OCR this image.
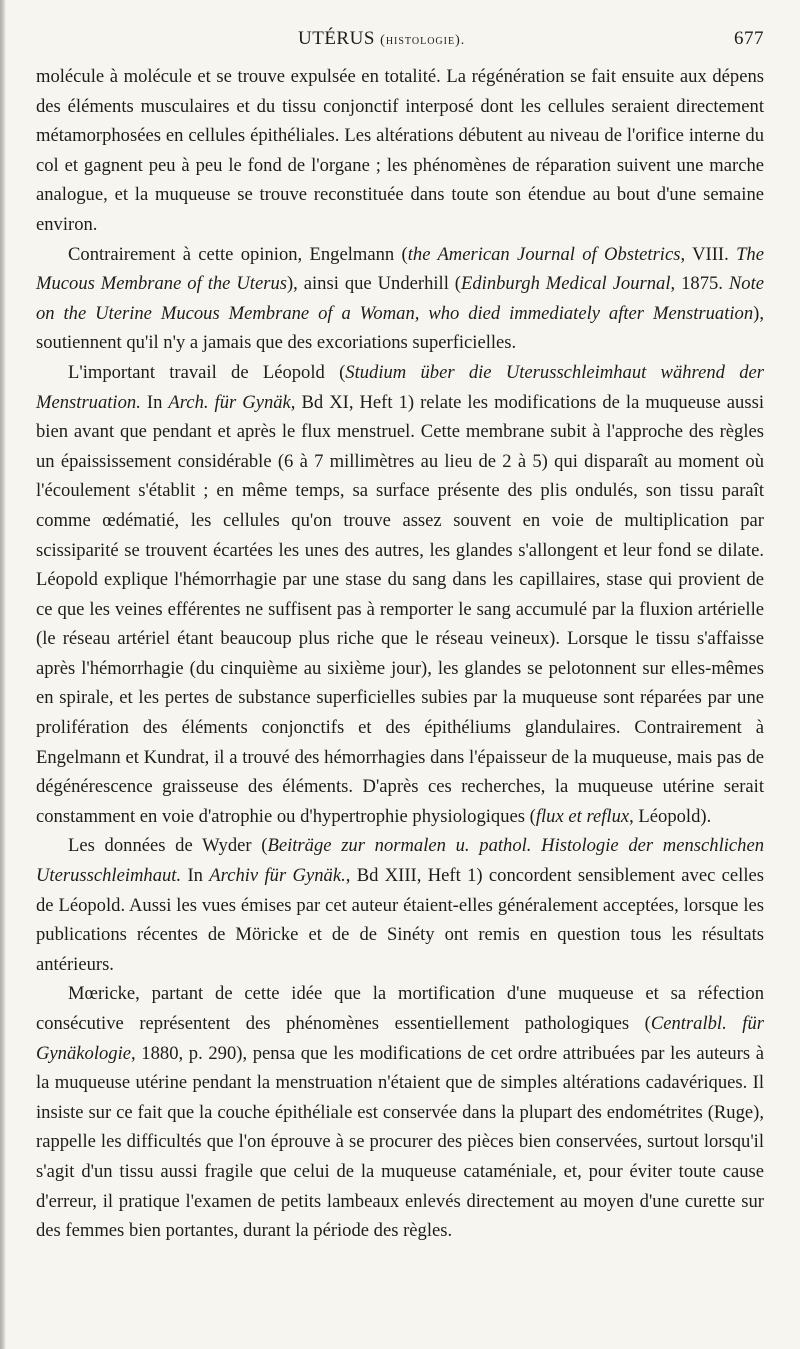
UTÉRUS (histologie).	677

molécule à molécule et se trouve expulsée en totalité. La régénération se fait ensuite aux dépens des éléments musculaires et du tissu conjonctif interposé dont les cellules seraient directement métamorphosées en cellules épithéliales. Les altérations débutent au niveau de l'orifice interne du col et gagnent peu à peu le fond de l'organe ; les phénomènes de réparation suivent une marche analogue, et la muqueuse se trouve reconstituée dans toute son étendue au bout d'une semaine environ.

Contrairement à cette opinion, Engelmann (the American Journal of Obstetrics, VIII. The Mucous Membrane of the Uterus), ainsi que Underhill (Edinburgh Medical Journal, 1875. Note on the Uterine Mucous Membrane of a Woman, who died immediately after Menstruation), soutiennent qu'il n'y a jamais que des excoriations superficielles.

L'important travail de Léopold (Studium über die Uterusschleimhaut während der Menstruation. In Arch. für Gynäk, Bd XI, Heft 1) relate les modifications de la muqueuse aussi bien avant que pendant et après le flux menstruel. Cette membrane subit à l'approche des règles un épaississement considérable (6 à 7 millimètres au lieu de 2 à 5) qui disparaît au moment où l'écoulement s'établit ; en même temps, sa surface présente des plis ondulés, son tissu paraît comme œdématié, les cellules qu'on trouve assez souvent en voie de multiplication par scissiparité se trouvent écartées les unes des autres, les glandes s'allongent et leur fond se dilate. Léopold explique l'hémorrhagie par une stase du sang dans les capillaires, stase qui provient de ce que les veines efférentes ne suffisent pas à remporter le sang accumulé par la fluxion artérielle (le réseau artériel étant beaucoup plus riche que le réseau veineux). Lorsque le tissu s'affaisse après l'hémorrhagie (du cinquième au sixième jour), les glandes se pelotonnent sur elles-mêmes en spirale, et les pertes de substance superficielles subies par la muqueuse sont réparées par une prolifération des éléments conjonctifs et des épithéliums glandulaires. Contrairement à Engelmann et Kundrat, il a trouvé des hémorrhagies dans l'épaisseur de la muqueuse, mais pas de dégénérescence graisseuse des éléments. D'après ces recherches, la muqueuse utérine serait constamment en voie d'atrophie ou d'hypertrophie physiologiques (flux et reflux, Léopold).

Les données de Wyder (Beiträge zur normalen u. pathol. Histologie der menschlichen Uterusschleimhaut. In Archiv für Gynäk., Bd XIII, Heft 1) concordent sensiblement avec celles de Léopold. Aussi les vues émises par cet auteur étaient-elles généralement acceptées, lorsque les publications récentes de Möricke et de de Sinéty ont remis en question tous les résultats antérieurs.

Mœricke, partant de cette idée que la mortification d'une muqueuse et sa réfection consécutive représentent des phénomènes essentiellement pathologiques (Centralbl. für Gynäkologie, 1880, p. 290), pensa que les modifications de cet ordre attribuées par les auteurs à la muqueuse utérine pendant la menstruation n'étaient que de simples altérations cadavériques. Il insiste sur ce fait que la couche épithéliale est conservée dans la plupart des endométrites (Ruge), rappelle les difficultés que l'on éprouve à se procurer des pièces bien conservées, surtout lorsqu'il s'agit d'un tissu aussi fragile que celui de la muqueuse cataméniale, et, pour éviter toute cause d'erreur, il pratique l'examen de petits lambeaux enlevés directement au moyen d'une curette sur des femmes bien portantes, durant la période des règles.
